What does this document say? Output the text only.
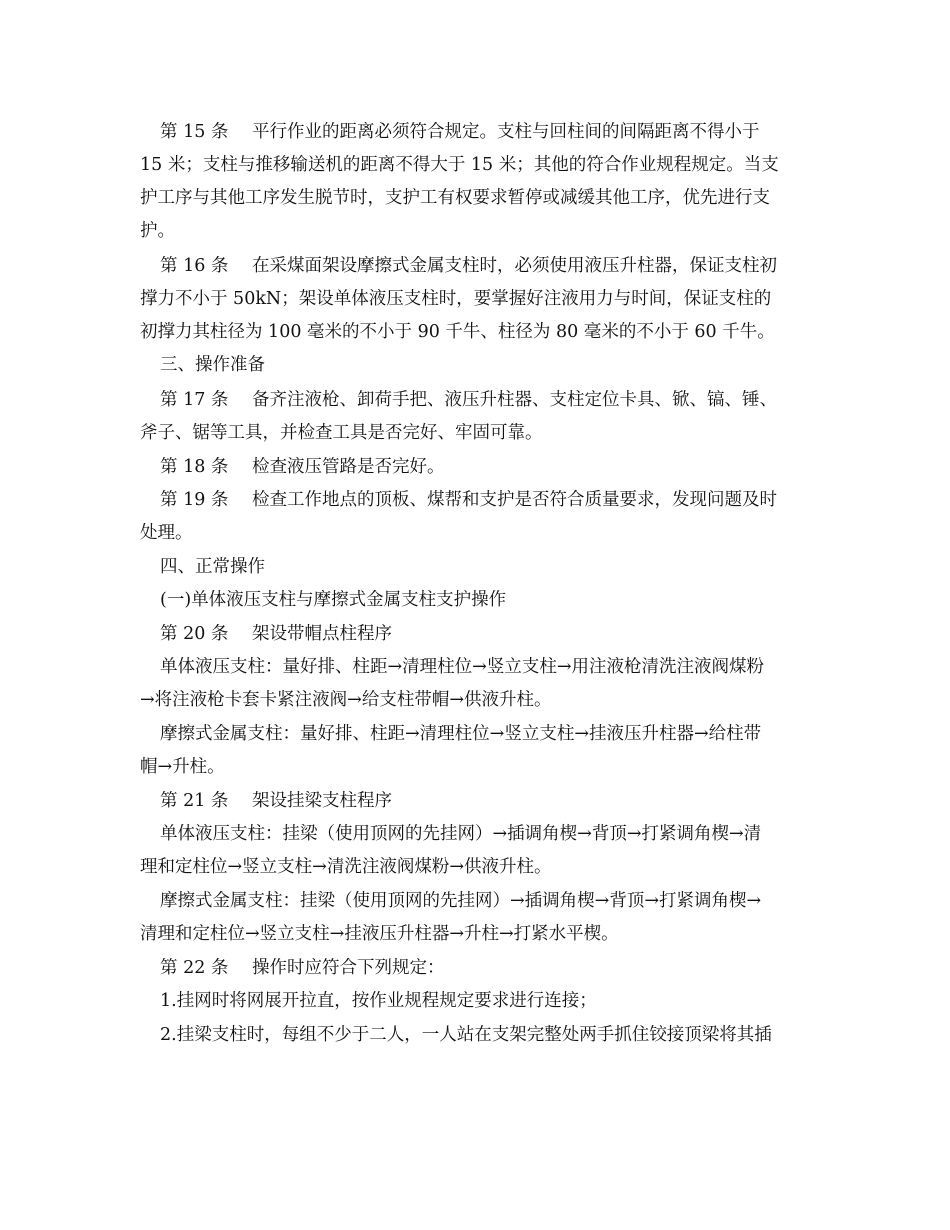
第 15 条 平行作业的距离必须符合规定。支柱与回柱间的间隔距离不得小于
15 米；支柱与推移输送机的距离不得大于 15 米；其他的符合作业规程规定。当支
护工序与其他工序发生脱节时，支护工有权要求暂停或减缓其他工序，优先进行支
护。
第 16 条 在采煤面架设摩擦式金属支柱时，必须使用液压升柱器，保证支柱初
撑力不小于 50kN；架设单体液压支柱时，要掌握好注液用力与时间，保证支柱的
初撑力其柱径为 100 毫米的不小于 90 千牛、柱径为 80 毫米的不小于 60 千牛。
三、操作准备
第 17 条 备齐注液枪、卸荷手把、液压升柱器、支柱定位卡具、锨、镐、锤、
斧子、锯等工具，并检查工具是否完好、牢固可靠。
第 18 条 检查液压管路是否完好。
第 19 条 检查工作地点的顶板、煤帮和支护是否符合质量要求，发现问题及时
处理。
四、正常操作
(一)单体液压支柱与摩擦式金属支柱支护操作
第 20 条 架设带帽点柱程序
单体液压支柱：量好排、柱距→清理柱位→竖立支柱→用注液枪清洗注液阀煤粉
→将注液枪卡套卡紧注液阀→给支柱带帽→供液升柱。
摩擦式金属支柱：量好排、柱距→清理柱位→竖立支柱→挂液压升柱器→给柱带
帽→升柱。
第 21 条 架设挂梁支柱程序
单体液压支柱：挂梁（使用顶网的先挂网）→插调角楔→背顶→打紧调角楔→清
理和定柱位→竖立支柱→清洗注液阀煤粉→供液升柱。
摩擦式金属支柱：挂梁（使用顶网的先挂网）→插调角楔→背顶→打紧调角楔→
清理和定柱位→竖立支柱→挂液压升柱器→升柱→打紧水平楔。
第 22 条 操作时应符合下列规定：
1.挂网时将网展开拉直，按作业规程规定要求进行连接；
2.挂梁支柱时，每组不少于二人，一人站在支架完整处两手抓住铰接顶梁将其插
